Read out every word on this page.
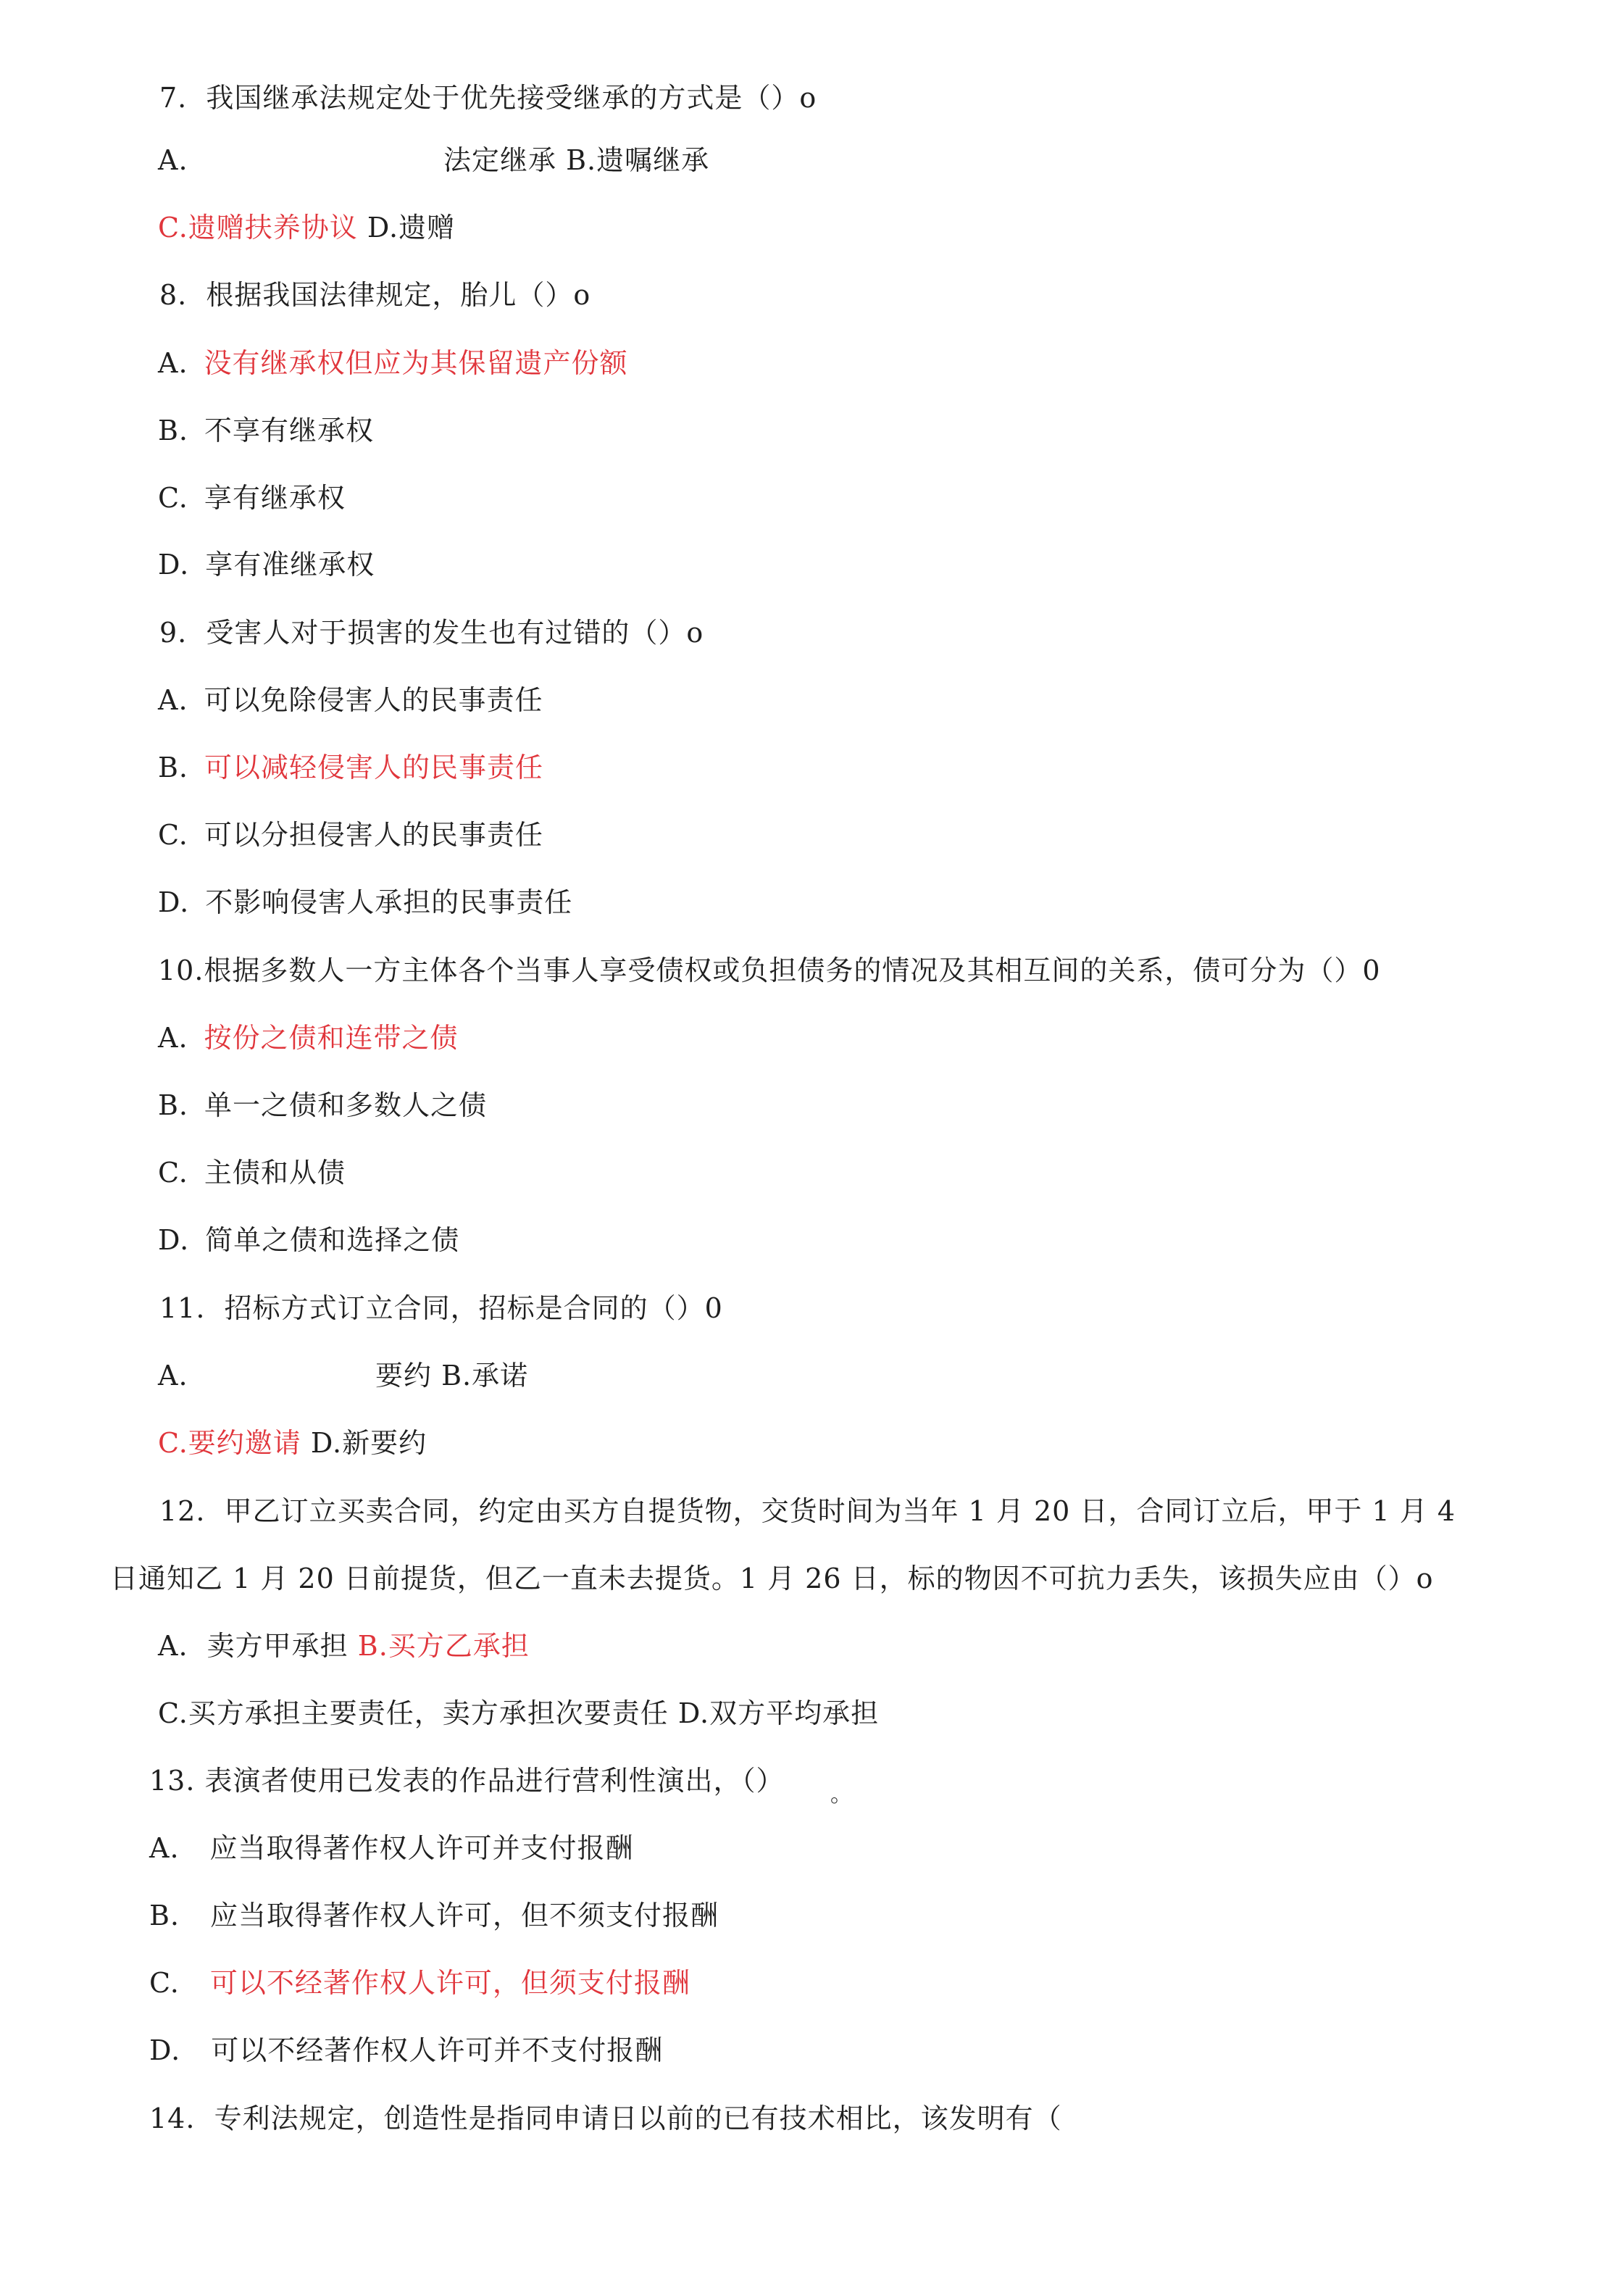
7.  我国继承法规定处于优先接受继承的方式是（）o
A.	法定继承 B.遗嘱继承
C.遗赠扶养协议 D.遗赠
8.  根据我国法律规定，胎儿（）o
A. 没有继承权但应为其保留遗产份额
B. 不享有继承权
C. 享有继承权
D. 享有准继承权
9.  受害人对于损害的发生也有过错的（）o
A. 可以免除侵害人的民事责任
B. 可以减轻侵害人的民事责任
C. 可以分担侵害人的民事责任
D. 不影响侵害人承担的民事责任
10.根据多数人一方主体各个当事人享受债权或负担债务的情况及其相互间的关系，债可分为（）0
A. 按份之债和连带之债
B. 单一之债和多数人之债
C. 主债和从债
D. 简单之债和选择之债
11.  招标方式订立合同，招标是合同的（）0
A.	要约 B.承诺
C.要约邀请 D.新要约
12.  甲乙订立买卖合同，约定由买方自提货物，交货时间为当年 1 月 20 日，合同订立后，甲于 1 月 4
日通知乙 1 月 20 日前提货，但乙一直未去提货。1 月 26 日，标的物因不可抗力丢失，该损失应由（）o
A.  卖方甲承担 B.买方乙承担
C.买方承担主要责任，卖方承担次要责任 D.双方平均承担
13. 表演者使用已发表的作品进行营利性演出，（） 。
A. 应当取得著作权人许可并支付报酬
B. 应当取得著作权人许可，但不须支付报酬
C. 可以不经著作权人许可，但须支付报酬
D. 可以不经著作权人许可并不支付报酬
14.  专利法规定，创造性是指同申请日以前的已有技术相比，该发明有（
